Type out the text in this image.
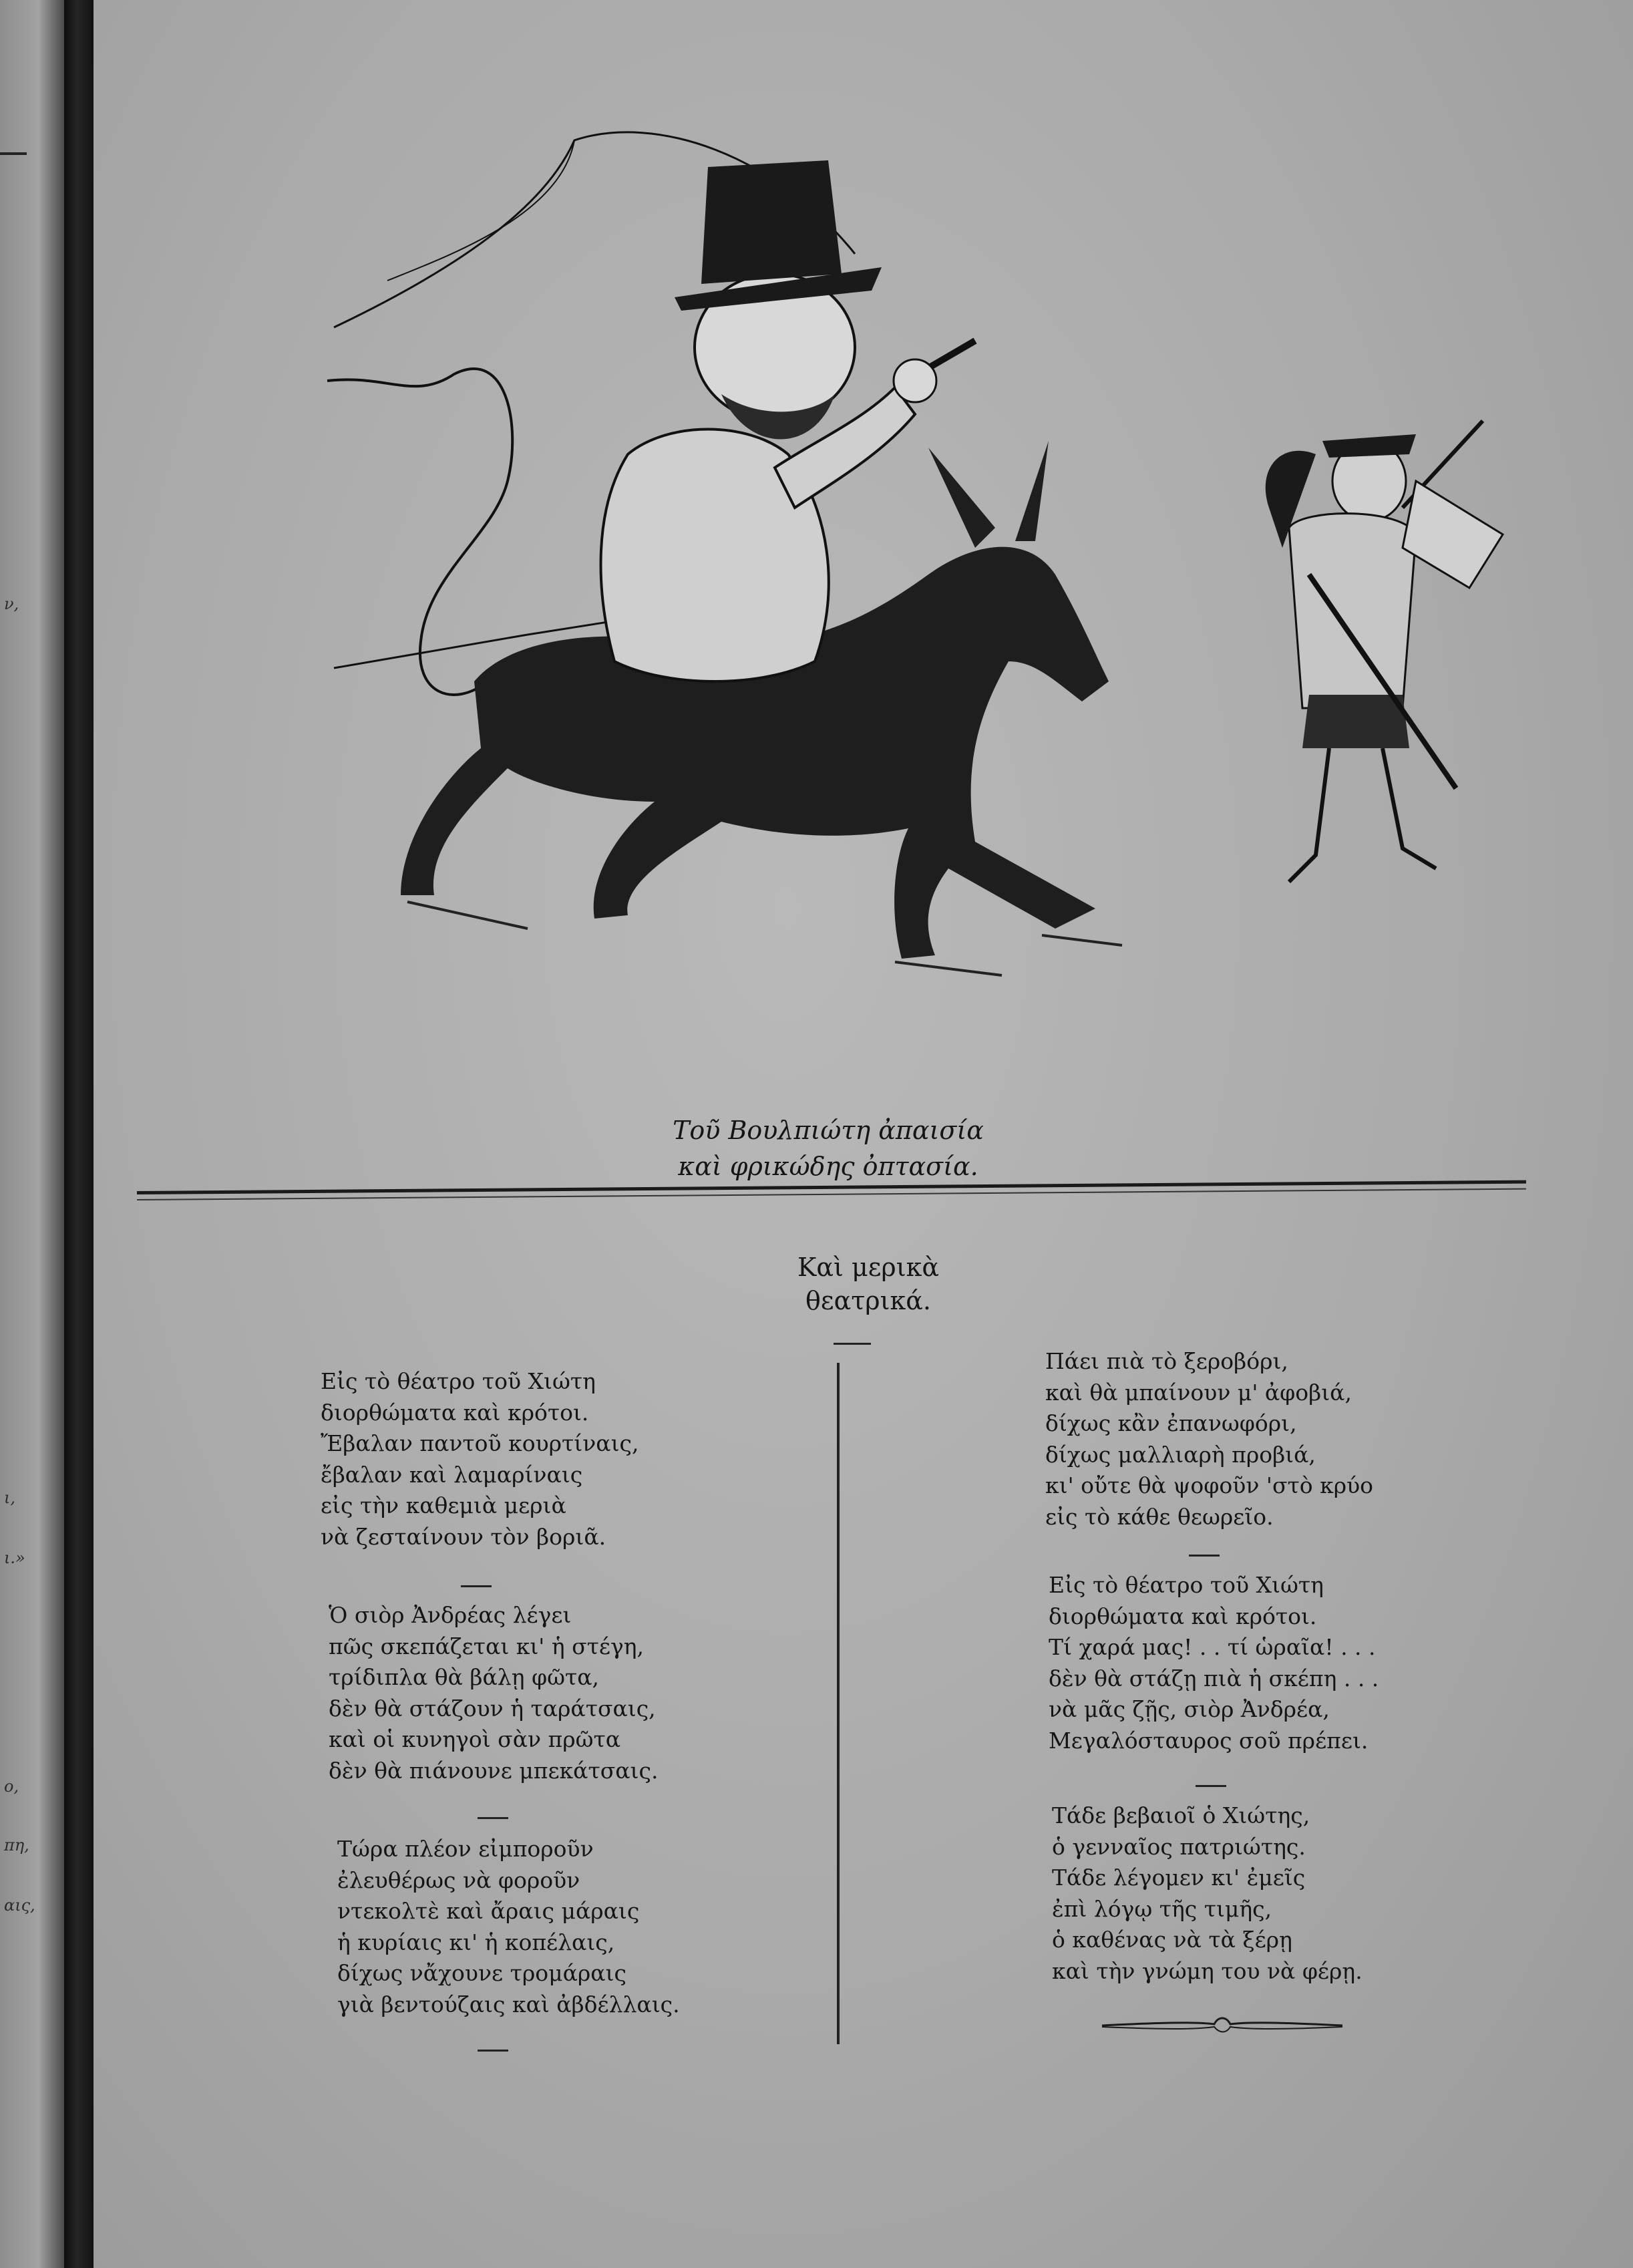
ν,
ι,
ι.»
ο,
πη,
αις,
Τοῦ Βουλπιώτη ἀπαισία
καὶ φρικώδης ὀπτασία.
Καὶ μερικὰ
θεατρικά.
Εἰς τὸ θέατρο τοῦ Χιώτη
διορθώματα καὶ κρότοι.
Ἔβαλαν παντοῦ κουρτίναις,
ἔβαλαν καὶ λαμαρίναις
εἰς τὴν καθεμιὰ μεριὰ
νὰ ζεσταίνουν τὸν βοριᾶ.
Ὁ σιὸρ Ἀνδρέας λέγει
πῶς σκεπάζεται κι' ἡ στέγη,
τρίδιπλα θὰ βάλῃ φῶτα,
δὲν θὰ στάζουν ἡ ταράτσαις,
καὶ οἱ κυνηγοὶ σὰν πρῶτα
δὲν θὰ πιάνουνε μπεκάτσαις.
Τώρα πλέον εἰμποροῦν
ἐλευθέρως νὰ φοροῦν
ντεκολτὲ καὶ ἄραις μάραις
ἡ κυρίαις κι' ἡ κοπέλαις,
δίχως νἄχουνε τρομάραις
γιὰ βεντούζαις καὶ ἀβδέλλαις.
Πάει πιὰ τὸ ξεροβόρι,
καὶ θὰ μπαίνουν μ' ἀφοβιά,
δίχως κἂν ἐπανωφόρι,
δίχως μαλλιαρὴ προβιά,
κι' οὔτε θὰ ψοφοῦν 'στὸ κρύο
εἰς τὸ κάθε θεωρεῖο.
Εἰς τὸ θέατρο τοῦ Χιώτη
διορθώματα καὶ κρότοι.
Τί χαρά μας! . . τί ὡραῖα! . . .
δὲν θὰ στάζῃ πιὰ ἡ σκέπη . . .
νὰ μᾶς ζῇς, σιὸρ Ἀνδρέα,
Μεγαλόσταυρος σοῦ πρέπει.
Τάδε βεβαιοῖ ὁ Χιώτης,
ὁ γενναῖος πατριώτης.
Τάδε λέγομεν κι' ἐμεῖς
ἐπὶ λόγῳ τῆς τιμῆς,
ὁ καθένας νὰ τὰ ξέρῃ
καὶ τὴν γνώμη του νὰ φέρῃ.
